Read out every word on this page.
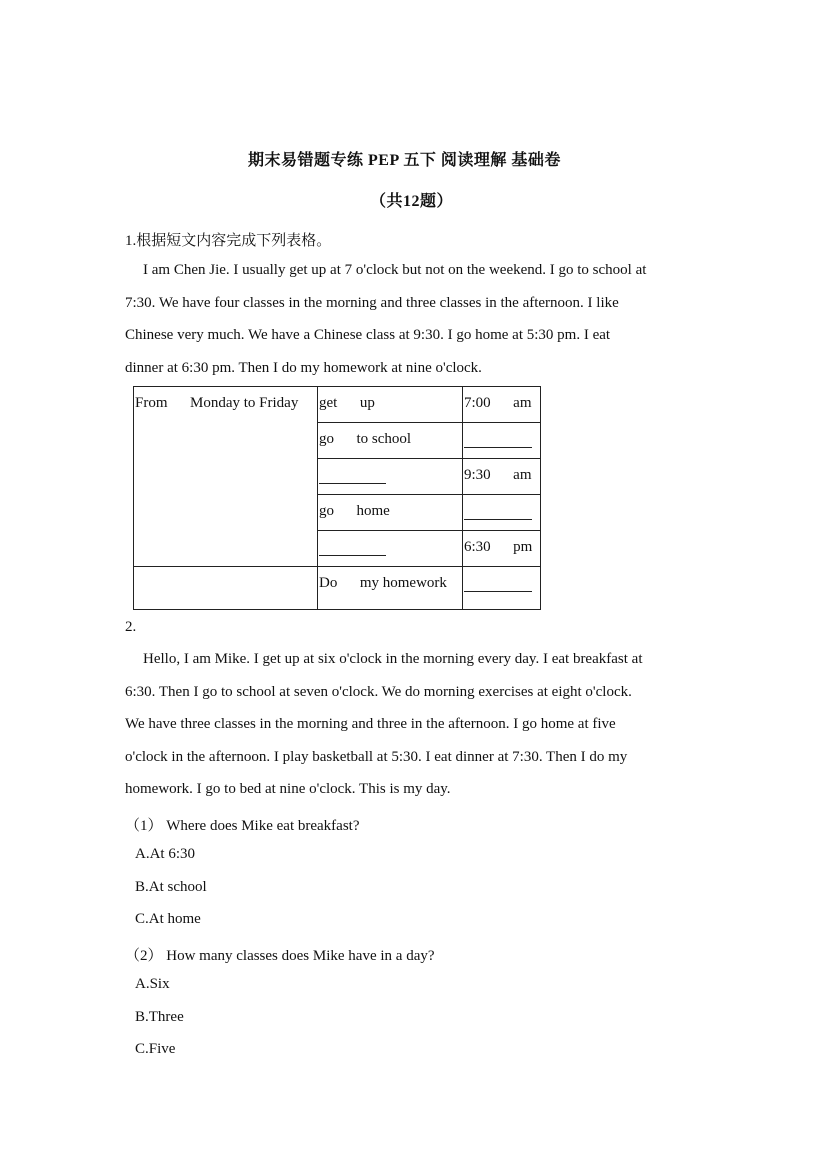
期末易错题专练 PEP 五下 阅读理解 基础卷
（共12题）
1.根据短文内容完成下列表格。
I am Chen Jie. I usually get up at 7 o'clock but not on the weekend. I go to school at
7:30. We have four classes in the morning and three classes in the afternoon. I like
Chinese very much. We have a Chinese class at 9:30. I go home at 5:30 pm. I eat
dinner at 6:30 pm. Then I do my homework at nine o'clock.
From      Monday to Friday	get      up	7:00      am

	go      to school	

		9:30      am

	go      home	

		6:30      pm

	Do      my homework	

2.
Hello, I am Mike. I get up at six o'clock in the morning every day. I eat breakfast at
6:30. Then I go to school at seven o'clock. We do morning exercises at eight o'clock.
We have three classes in the morning and three in the afternoon. I go home at five
o'clock in the afternoon. I play basketball at 5:30. I eat dinner at 7:30. Then I do my
homework. I go to bed at nine o'clock. This is my day.
（1） Where does Mike eat breakfast?
A.At 6:30
B.At school
C.At home
（2） How many classes does Mike have in a day?
A.Six
B.Three
C.Five
